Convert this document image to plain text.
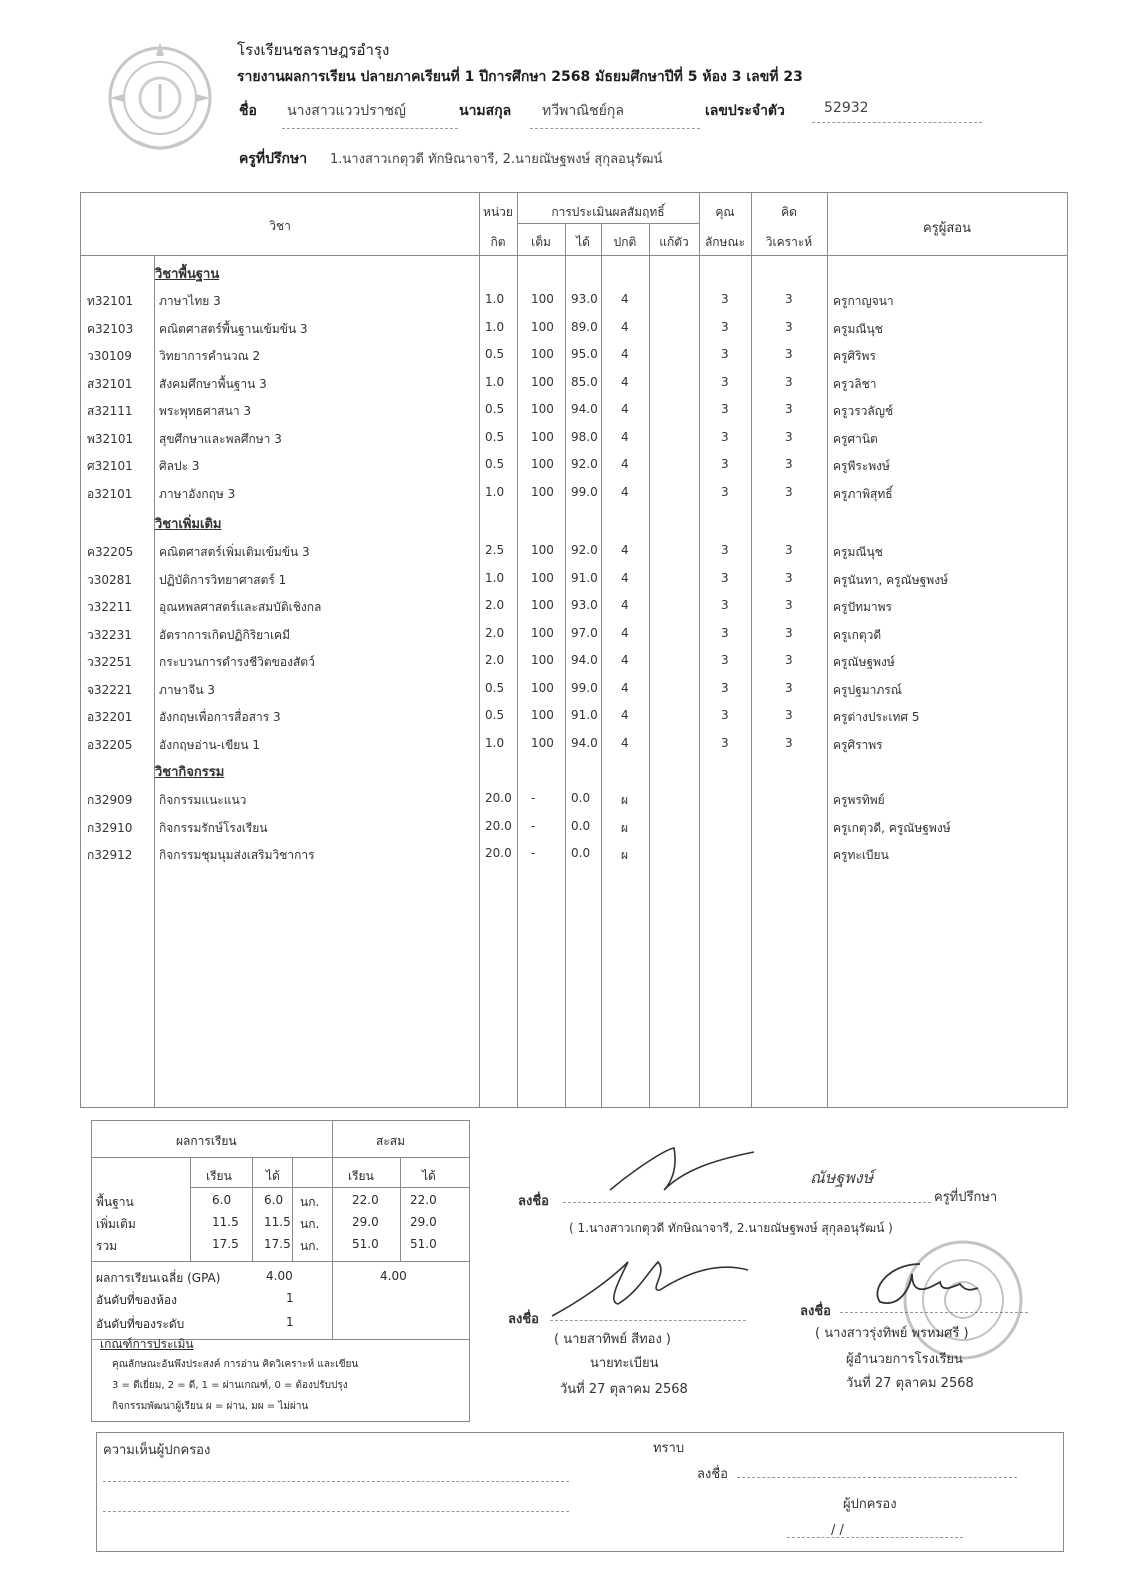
โรงเรียนชลราษฎรอำรุง
รายงานผลการเรียน ปลายภาคเรียนที่ 1 ปีการศึกษา 2568 มัธยมศึกษาปีที่ 5 ห้อง 3 เลขที่ 23
ชื่อ	นางสาวแววปราชญ์	นามสกุล	ทวีพาณิชย์กุล	เลขประจำตัว	52932
ครูที่ปรึกษา 1.นางสาวเกตุวดี ทักษิณาจารี, 2.นายณัษฐพงษ์ สุกุลอนุรัฒน์
วิชา
หน่วย
กิต
การประเมินผลสัมฤทธิ์
เต็ม	ได้	ปกติ	แก้ตัว
คุณ
ลักษณะ
คิด
วิเคราะห์
ครูผู้สอน
วิชาพื้นฐาน
ท32101 ภาษาไทย 3	1.0 100 93.0 4	3	3	ครูกาญจนา
ค32103 คณิตศาสตร์พื้นฐานเข้มข้น 3	1.0 100 89.0 4	3	3	ครูมณีนุช
ว30109 วิทยาการคำนวณ 2	0.5 100 95.0 4	3	3	ครูศิริพร
ส32101 สังคมศึกษาพื้นฐาน 3	1.0 100 85.0 4	3	3	ครูวลิชา
ส32111 พระพุทธศาสนา 3	0.5 100 94.0 4	3	3	ครูวรวลัญช์
พ32101 สุขศึกษาและพลศึกษา 3	0.5 100 98.0 4	3	3	ครูศานิต
ศ32101 ศิลปะ 3	0.5 100 92.0 4	3	3	ครูพีระพงษ์
อ32101 ภาษาอังกฤษ 3	1.0 100 99.0 4	3	3	ครูภาพิสุทธิ์
วิชาเพิ่มเติม
ค32205 คณิตศาสตร์เพิ่มเติมเข้มข้น 3	2.5 100 92.0 4	3	3	ครูมณีนุช
ว30281 ปฏิบัติการวิทยาศาสตร์ 1	1.0 100 91.0 4	3	3	ครูนันทา, ครูณัษฐพงษ์
ว32211 อุณหพลศาสตร์และสมบัติเชิงกล	2.0 100 93.0 4	3	3	ครูปัทมาพร
ว32231 อัตราการเกิดปฏิกิริยาเคมี	2.0 100 97.0 4	3	3	ครูเกตุวดี
ว32251 กระบวนการดำรงชีวิตของสัตว์	2.0 100 94.0 4	3	3	ครูณัษฐพงษ์
จ32221 ภาษาจีน 3	0.5 100 99.0 4	3	3	ครูปฐมาภรณ์
อ32201 อังกฤษเพื่อการสื่อสาร 3	0.5 100 91.0 4	3	3	ครูต่างประเทศ 5
อ32205 อังกฤษอ่าน-เขียน 1	1.0 100 94.0 4	3	3	ครูศิราพร
วิชากิจกรรม
ก32909 กิจกรรมแนะแนว	20.0 -	0.0	ผ	ครูพรทิพย์
ก32910 กิจกรรมรักษ์โรงเรียน	20.0 -	0.0	ผ	ครูเกตุวดี, ครูณัษฐพงษ์
ก32912 กิจกรรมชุมนุมส่งเสริมวิชาการ	20.0 -	0.0	ผ	ครูทะเบียน
ผลการเรียน	สะสม
เรียน	ได้	เรียน	ได้
พื้นฐาน	6.0	6.0 นก.	22.0	22.0
เพิ่มเติม	11.5 11.5 นก.	29.0	29.0
รวม	17.5 17.5 นก.	51.0	51.0
ผลการเรียนเฉลี่ย (GPA)	4.00	4.00
อันดับที่ของห้อง	1
อันดับที่ของระดับ	1
เกณฑ์การประเมิน
คุณลักษณะอันพึงประสงค์ การอ่าน คิดวิเคราะห์ และเขียน
3 = ดีเยี่ยม, 2 = ดี, 1 = ผ่านเกณฑ์, 0 = ต้องปรับปรุง
กิจกรรมพัฒนาผู้เรียน ผ = ผ่าน, มผ = ไม่ผ่าน
ลงชื่อ
ณัษฐพงษ์
ครูที่ปรึกษา
( 1.นางสาวเกตุวดี ทักษิณาจารี, 2.นายณัษฐพงษ์ สุกุลอนุรัฒน์ )
ลงชื่อ
( นายสาทิพย์ สีทอง )
นายทะเบียน
วันที่ 27 ตุลาคม 2568
ลงชื่อ
( นางสาวรุ่งทิพย์ พรหมศรี )
ผู้อำนวยการโรงเรียน
วันที่ 27 ตุลาคม 2568
ความเห็นผู้ปกครอง	ทราบ
ลงชื่อ
ผู้ปกครอง
/ /
